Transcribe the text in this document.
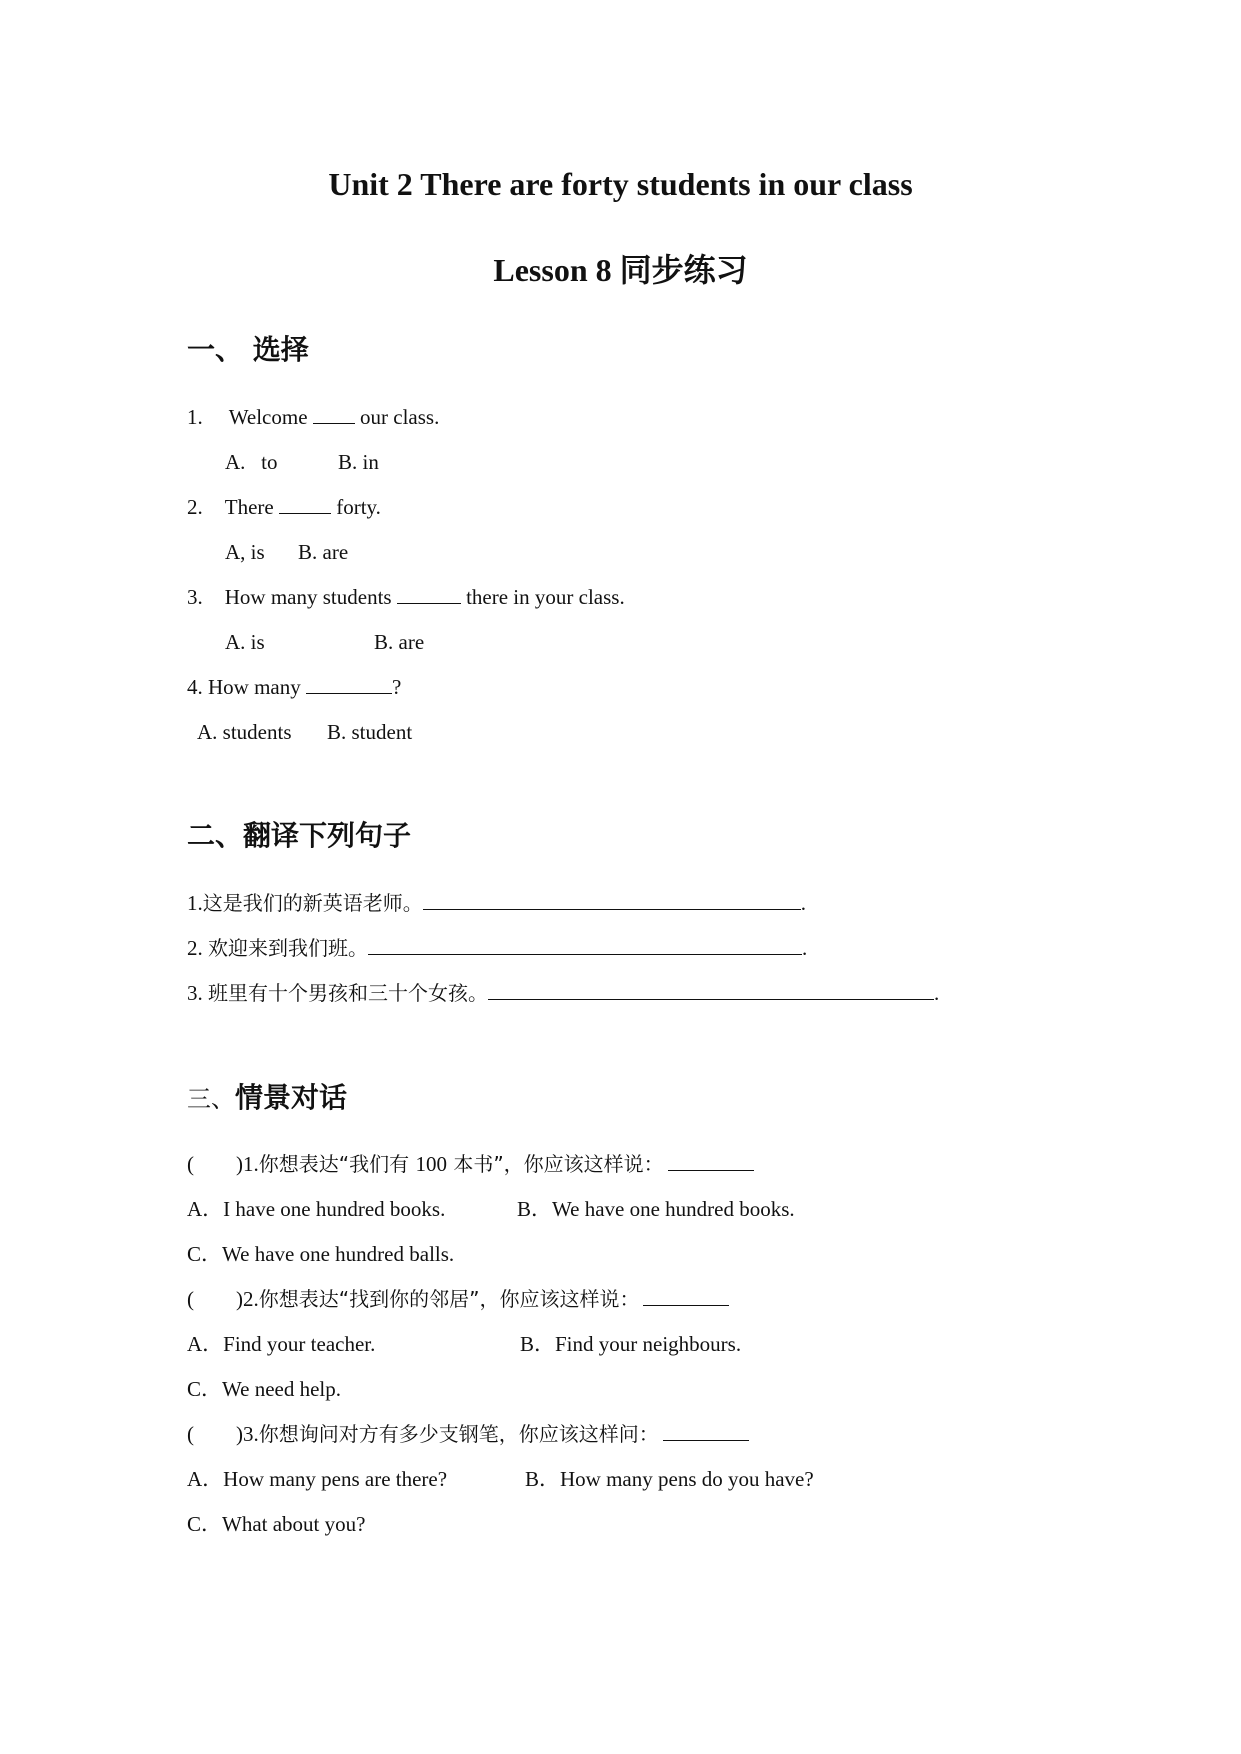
Unit 2 There are forty students in our class
Lesson 8 同步练习
一、 选择
1. Welcome  our class.
A.   to	B. in
2. There  forty.
A, is B. are
3. How many students	there in your class.
A. is	B. are
4. How many	?
A. students B. student
二、翻译下列句子
1.这是我们的新英语老师。	.
2. 欢迎来到我们班。	.
3. 班里有十个男孩和三十个女孩。	.
三、情景对话
(        )1.你想表达“我们有 100 本书”，你应该这样说：
A．I have one hundred books.	B．We have one hundred books.
C．We have one hundred balls.
(        )2.你想表达“找到你的邻居”，你应该这样说：
A．Find your teacher.	B．Find your neighbours.
C．We need help.
(        )3.你想询问对方有多少支钢笔，你应该这样问：
A．How many pens are there?	B．How many pens do you have?
C．What about you?
